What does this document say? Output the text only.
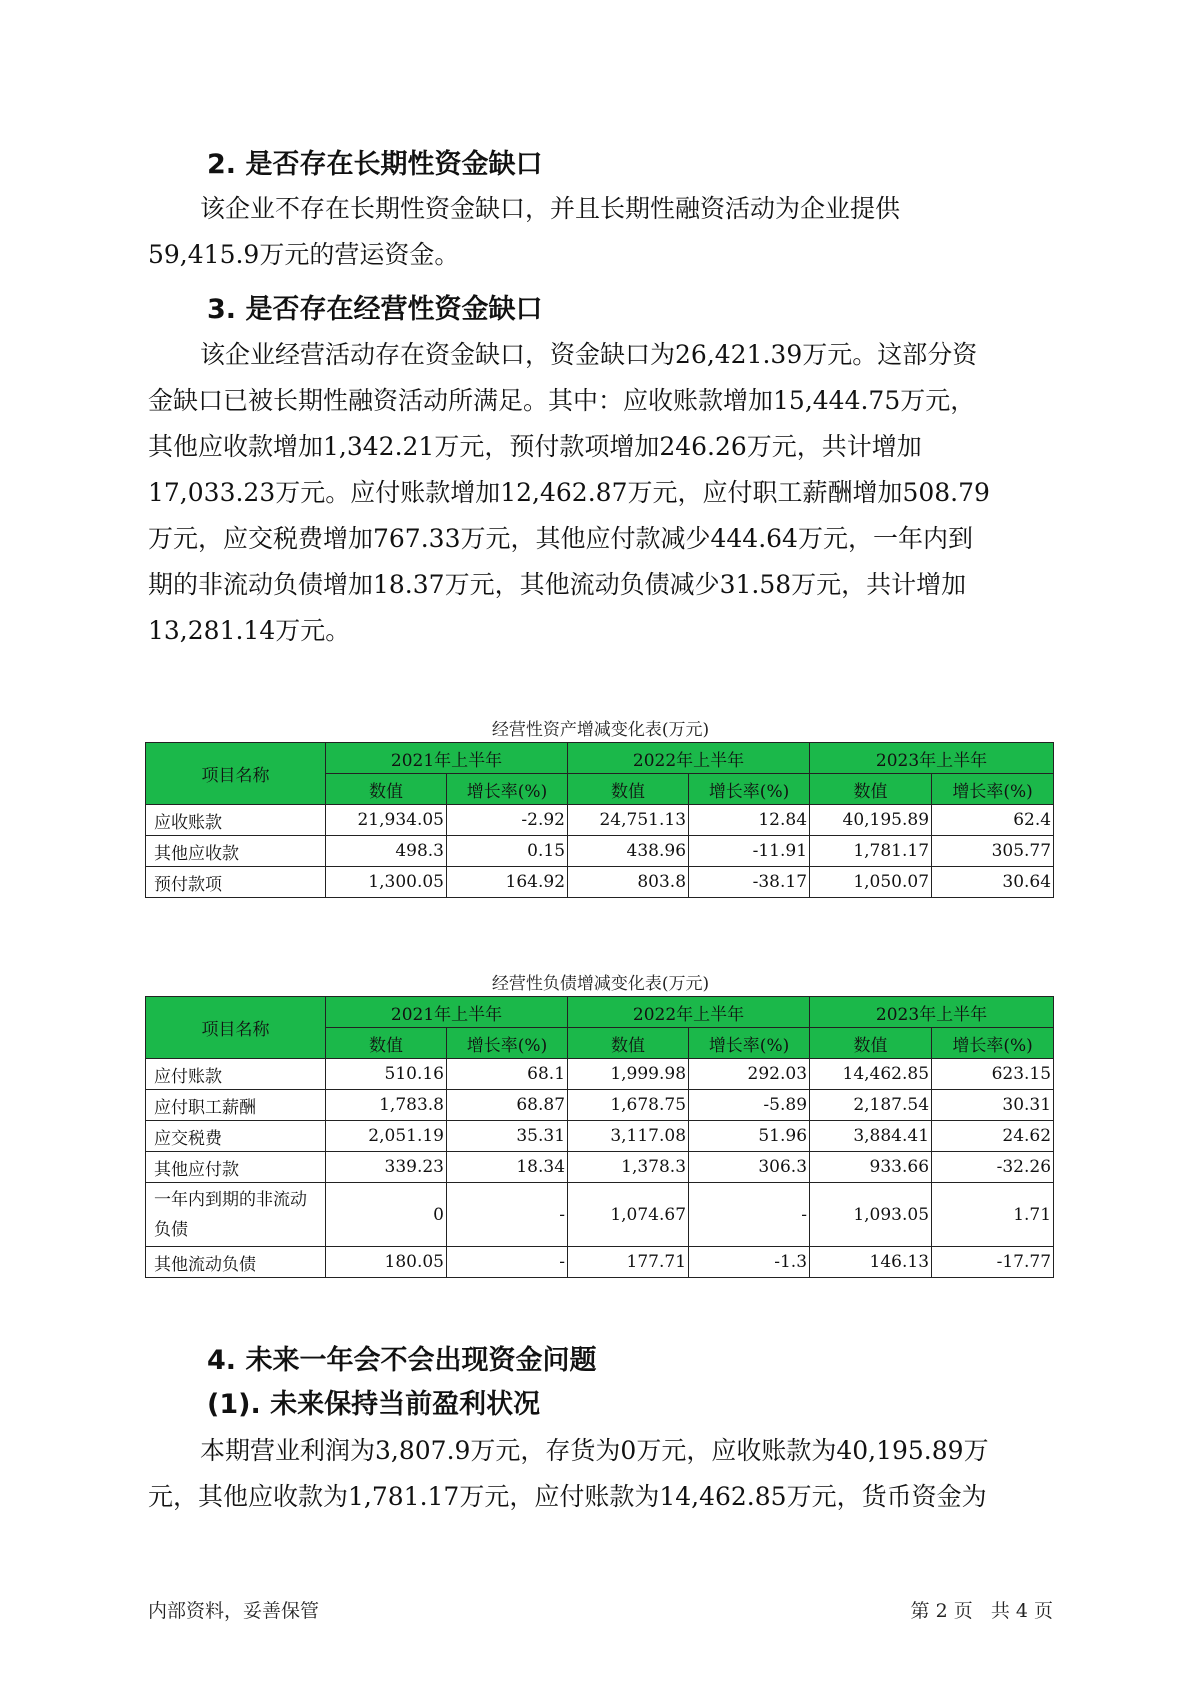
2. 是否存在长期性资金缺口
该企业不存在长期性资金缺口，并且长期性融资活动为企业提供
59,415.9万元的营运资金。
3. 是否存在经营性资金缺口
该企业经营活动存在资金缺口，资金缺口为26,421.39万元。这部分资
金缺口已被长期性融资活动所满足。其中：应收账款增加15,444.75万元，
其他应收款增加1,342.21万元，预付款项增加246.26万元，共计增加
17,033.23万元。应付账款增加12,462.87万元，应付职工薪酬增加508.79
万元，应交税费增加767.33万元，其他应付款减少444.64万元，一年内到
期的非流动负债增加18.37万元，其他流动负债减少31.58万元，共计增加
13,281.14万元。
经营性资产增减变化表(万元)
项目名称	2021年上半年		2022年上半年		2023年上半年	
	数值	增长率(%)	数值	增长率(%)	数值	增长率(%)
应收账款	21,934.05	-2.92	24,751.13	12.84	40,195.89	62.4
其他应收款	498.3	0.15	438.96	-11.91	1,781.17	305.77
预付款项	1,300.05	164.92	803.8	-38.17	1,050.07	30.64
经营性负债增减变化表(万元)
项目名称	2021年上半年		2022年上半年		2023年上半年	
	数值	增长率(%)	数值	增长率(%)	数值	增长率(%)
应付账款	510.16	68.1	1,999.98	292.03	14,462.85	623.15
应付职工薪酬	1,783.8	68.87	1,678.75	-5.89	2,187.54	30.31
应交税费	2,051.19	35.31	3,117.08	51.96	3,884.41	24.62
其他应付款	339.23	18.34	1,378.3	306.3	933.66	-32.26
一年内到期的非流动负债	0	-	1,074.67	-	1,093.05	1.71
其他流动负债	180.05	-	177.71	-1.3	146.13	-17.77
4. 未来一年会不会出现资金问题
(1). 未来保持当前盈利状况
本期营业利润为3,807.9万元，存货为0万元，应收账款为40,195.89万
元，其他应收款为1,781.17万元，应付账款为14,462.85万元，货币资金为
内部资料，妥善保管	第 2 页   共 4 页
